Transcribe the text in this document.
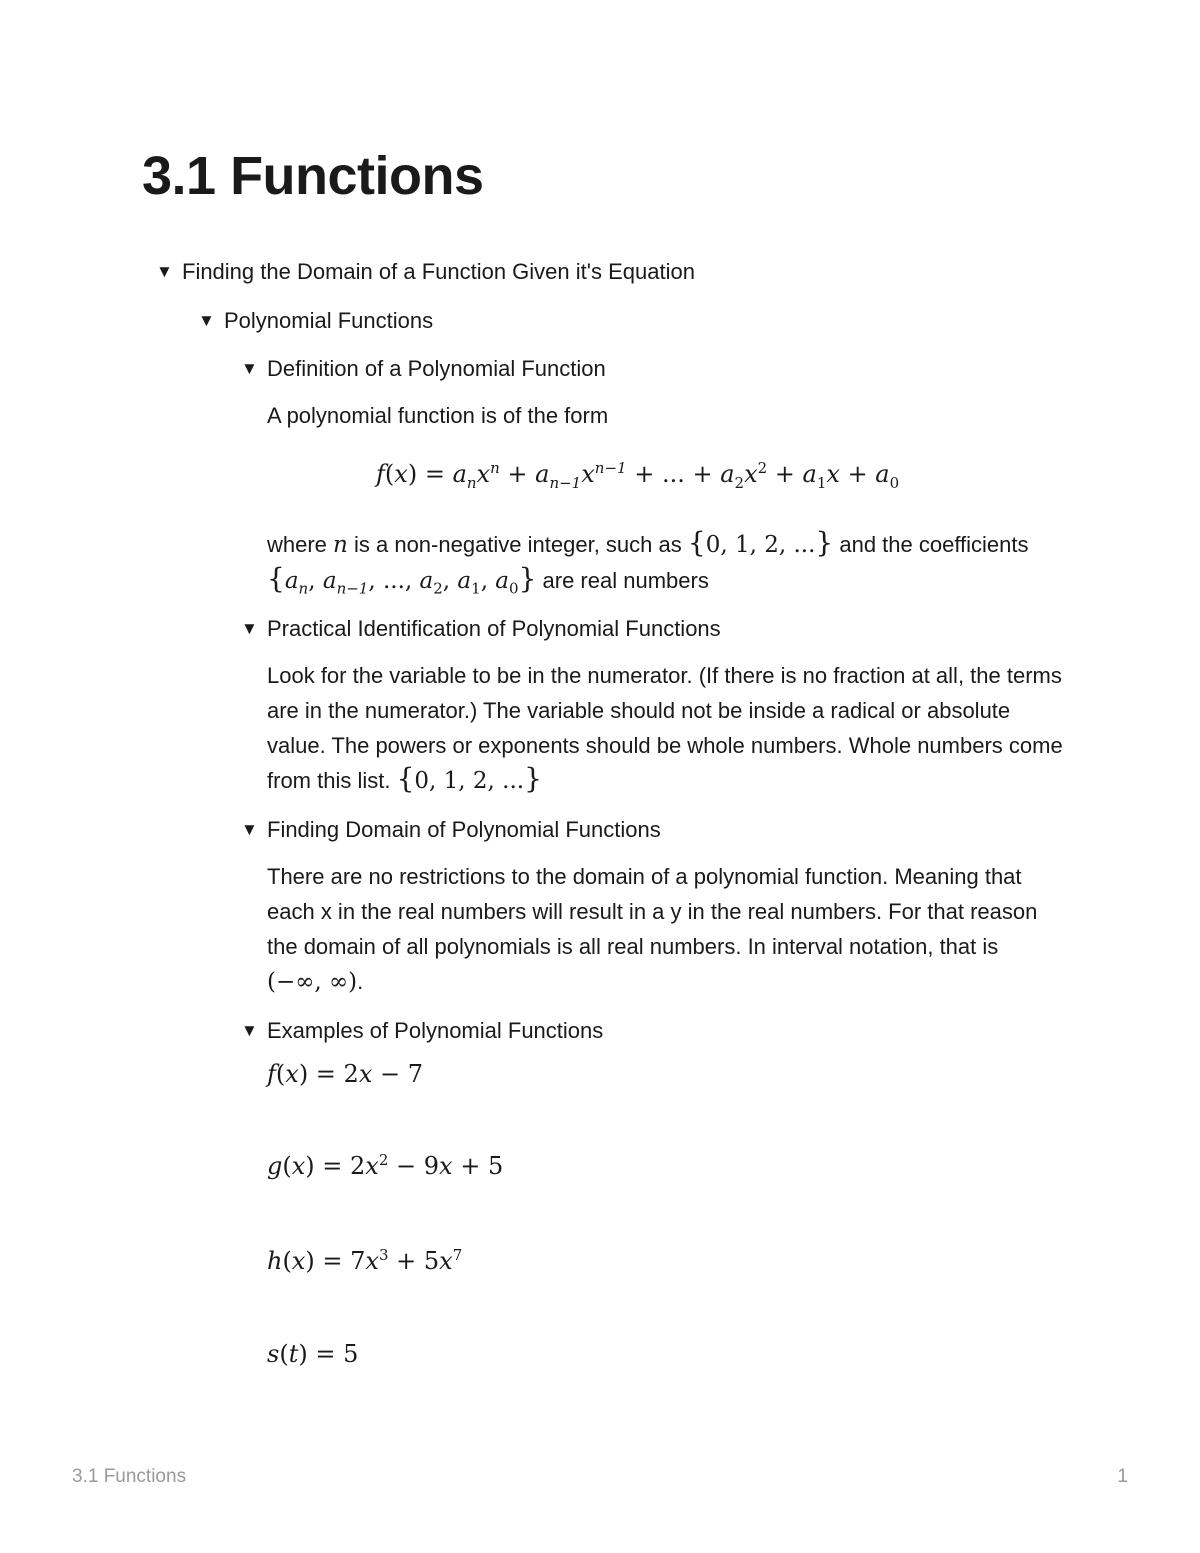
3.1 Functions
▼ Finding the Domain of a Function Given it's Equation
▼ Polynomial Functions
▼ Definition of a Polynomial Function

A polynomial function is of the form

$f(x) = a_nx^n + a_{n-1}x^{n-1}$ + ... + $a_2x^2 + a_1x + a_0$

where n is a non-negative integer, such as {0, 1, 2, ...} and the coefficients
{$a_n$, $a_{n-1}$, ..., $a_2$, $a_1$, $a_0$} are real numbers

▼ Practical Identification of Polynomial Functions

Look for the variable to be in the numerator. (If there is no fraction at all, the terms are in the numerator.) The variable should not be inside a radical or absolute value. The powers or exponents should be whole numbers. Whole numbers come from this list. {0, 1, 2, ...}

▼ Finding Domain of Polynomial Functions

There are no restrictions to the domain of a polynomial function. Meaning that each x in the real numbers will result in a y in the real numbers. For that reason the domain of all polynomials is all real numbers. In interval notation, that is (−∞, ∞).

▼ Examples of Polynomial Functions
f(x) = 2x − 7
$g(x) = 2x^2 - 9x + 5$
$h(x) = 7x^3 + 5x^7$
s(t) = 5
3.1 Functions	1
